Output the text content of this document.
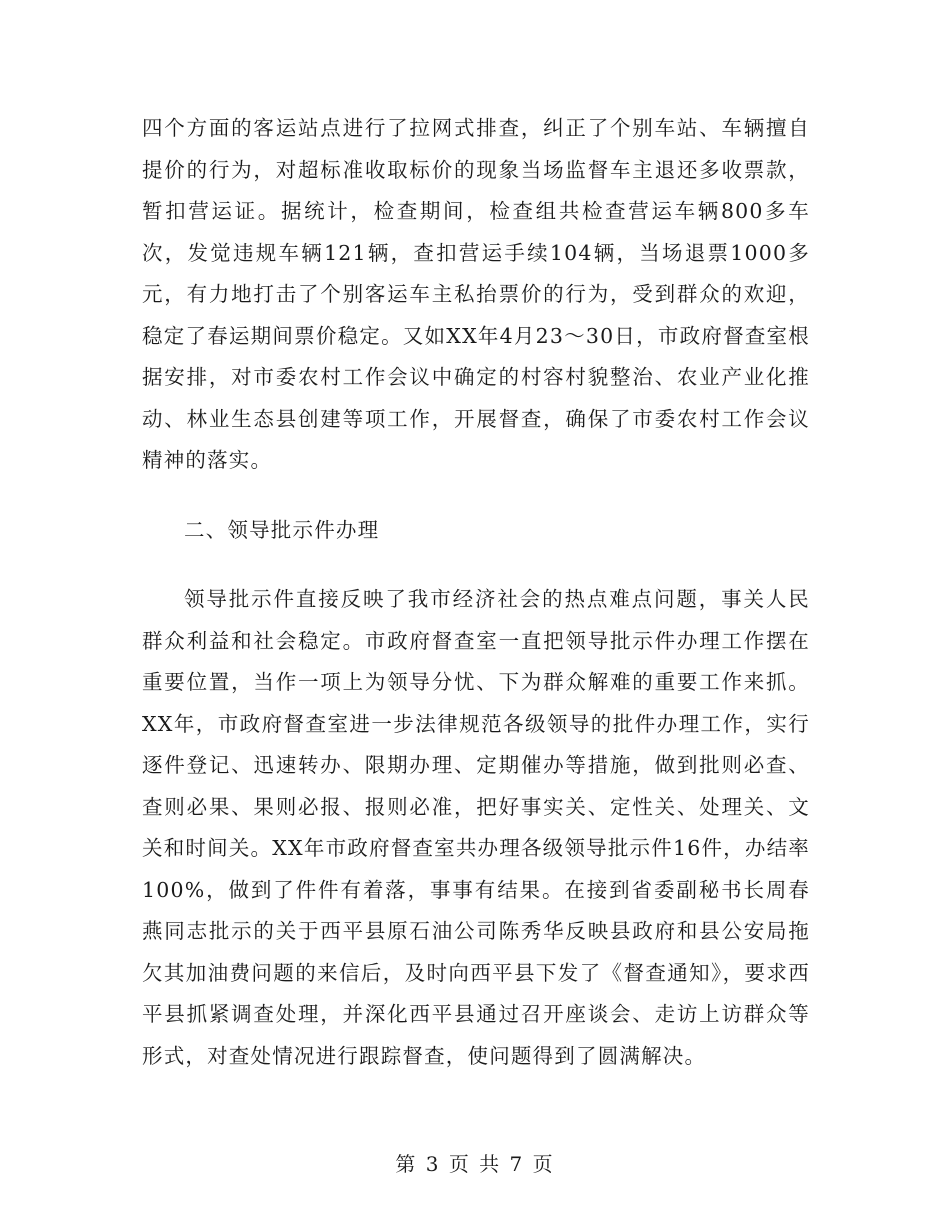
四个方面的客运站点进行了拉网式排查，纠正了个别车站、车辆擅自提价的行为，对超标准收取标价的现象当场监督车主退还多收票款，暂扣营运证。据统计，检查期间，检查组共检查营运车辆800多车次，发觉违规车辆121辆，查扣营运手续104辆，当场退票1000多元，有力地打击了个别客运车主私抬票价的行为，受到群众的欢迎，稳定了春运期间票价稳定。又如XX年4月23～30日，市政府督查室根据安排，对市委农村工作会议中确定的村容村貌整治、农业产业化推动、林业生态县创建等项工作，开展督查，确保了市委农村工作会议精神的落实。

二、领导批示件办理

领导批示件直接反映了我市经济社会的热点难点问题，事关人民群众利益和社会稳定。市政府督查室一直把领导批示件办理工作摆在重要位置，当作一项上为领导分忧、下为群众解难的重要工作来抓。XX年，市政府督查室进一步法律规范各级领导的批件办理工作，实行逐件登记、迅速转办、限期办理、定期催办等措施，做到批则必查、查则必果、果则必报、报则必准，把好事实关、定性关、处理关、文关和时间关。XX年市政府督查室共办理各级领导批示件16件，办结率100%，做到了件件有着落，事事有结果。在接到省委副秘书长周春燕同志批示的关于西平县原石油公司陈秀华反映县政府和县公安局拖欠其加油费问题的来信后，及时向西平县下发了《督查通知》，要求西平县抓紧调查处理，并深化西平县通过召开座谈会、走访上访群众等形式，对查处情况进行跟踪督查，使问题得到了圆满解决。

第 3 页 共 7 页
